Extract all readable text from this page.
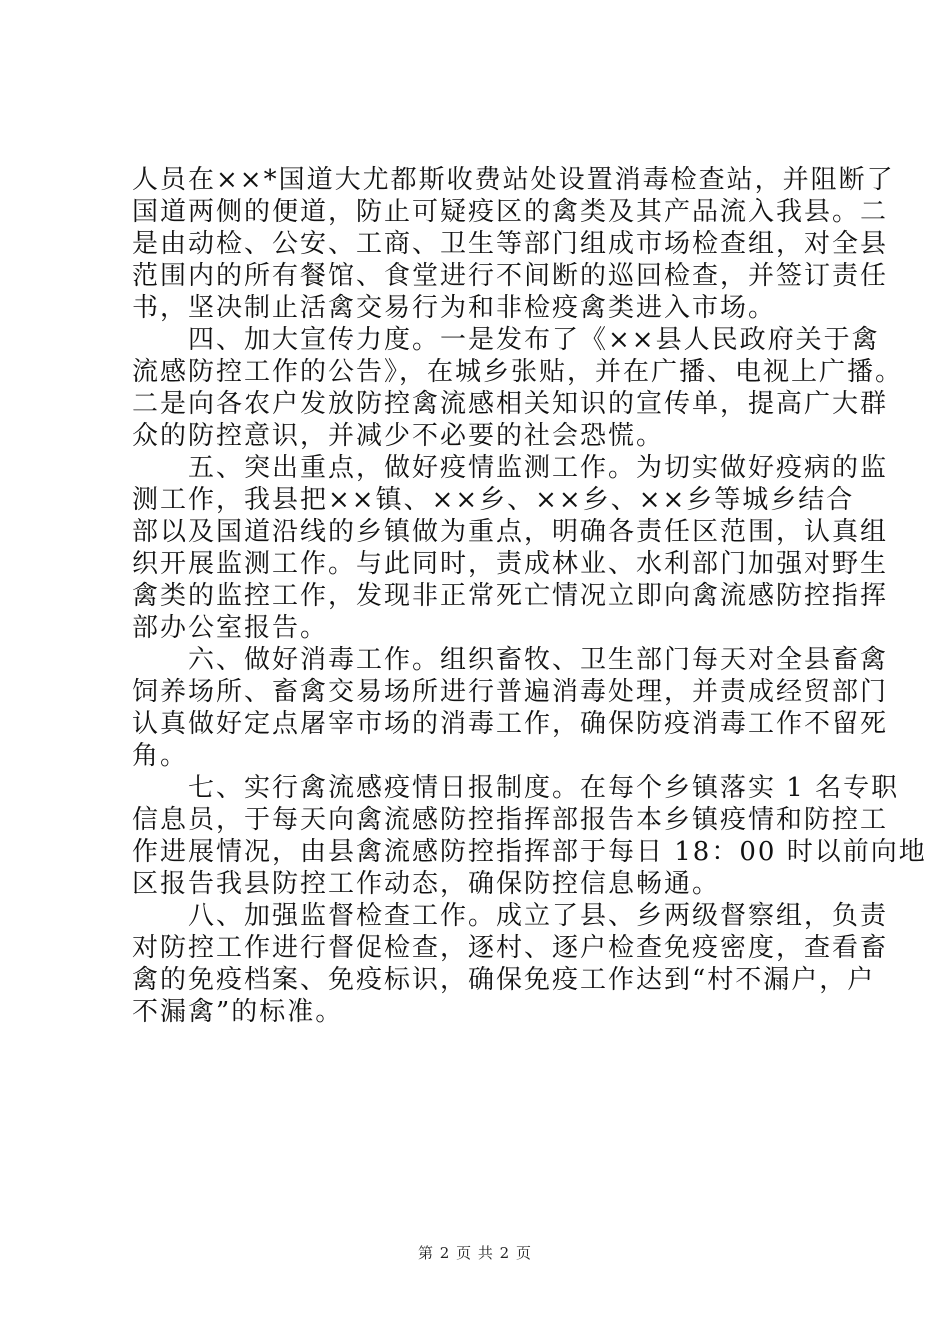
人员在××*国道大尤都斯收费站处设置消毒检查站，并阻断了
国道两侧的便道，防止可疑疫区的禽类及其产品流入我县。二
是由动检、公安、工商、卫生等部门组成市场检查组，对全县
范围内的所有餐馆、食堂进行不间断的巡回检查，并签订责任
书，坚决制止活禽交易行为和非检疫禽类进入市场。

四、加大宣传力度。一是发布了《××县人民政府关于禽
流感防控工作的公告》，在城乡张贴，并在广播、电视上广播。
二是向各农户发放防控禽流感相关知识的宣传单，提高广大群
众的防控意识，并减少不必要的社会恐慌。

五、突出重点，做好疫情监测工作。为切实做好疫病的监
测工作，我县把××镇、××乡、××乡、××乡等城乡结合
部以及国道沿线的乡镇做为重点，明确各责任区范围，认真组
织开展监测工作。与此同时，责成林业、水利部门加强对野生
禽类的监控工作，发现非正常死亡情况立即向禽流感防控指挥
部办公室报告。

六、做好消毒工作。组织畜牧、卫生部门每天对全县畜禽
饲养场所、畜禽交易场所进行普遍消毒处理，并责成经贸部门
认真做好定点屠宰市场的消毒工作，确保防疫消毒工作不留死
角。

七、实行禽流感疫情日报制度。在每个乡镇落实 1 名专职
信息员，于每天向禽流感防控指挥部报告本乡镇疫情和防控工
作进展情况，由县禽流感防控指挥部于每日 18：00 时以前向地
区报告我县防控工作动态，确保防控信息畅通。

八、加强监督检查工作。成立了县、乡两级督察组，负责
对防控工作进行督促检查，逐村、逐户检查免疫密度，查看畜
禽的免疫档案、免疫标识，确保免疫工作达到“村不漏户，户
不漏禽”的标准。

第 2 页 共 2 页
